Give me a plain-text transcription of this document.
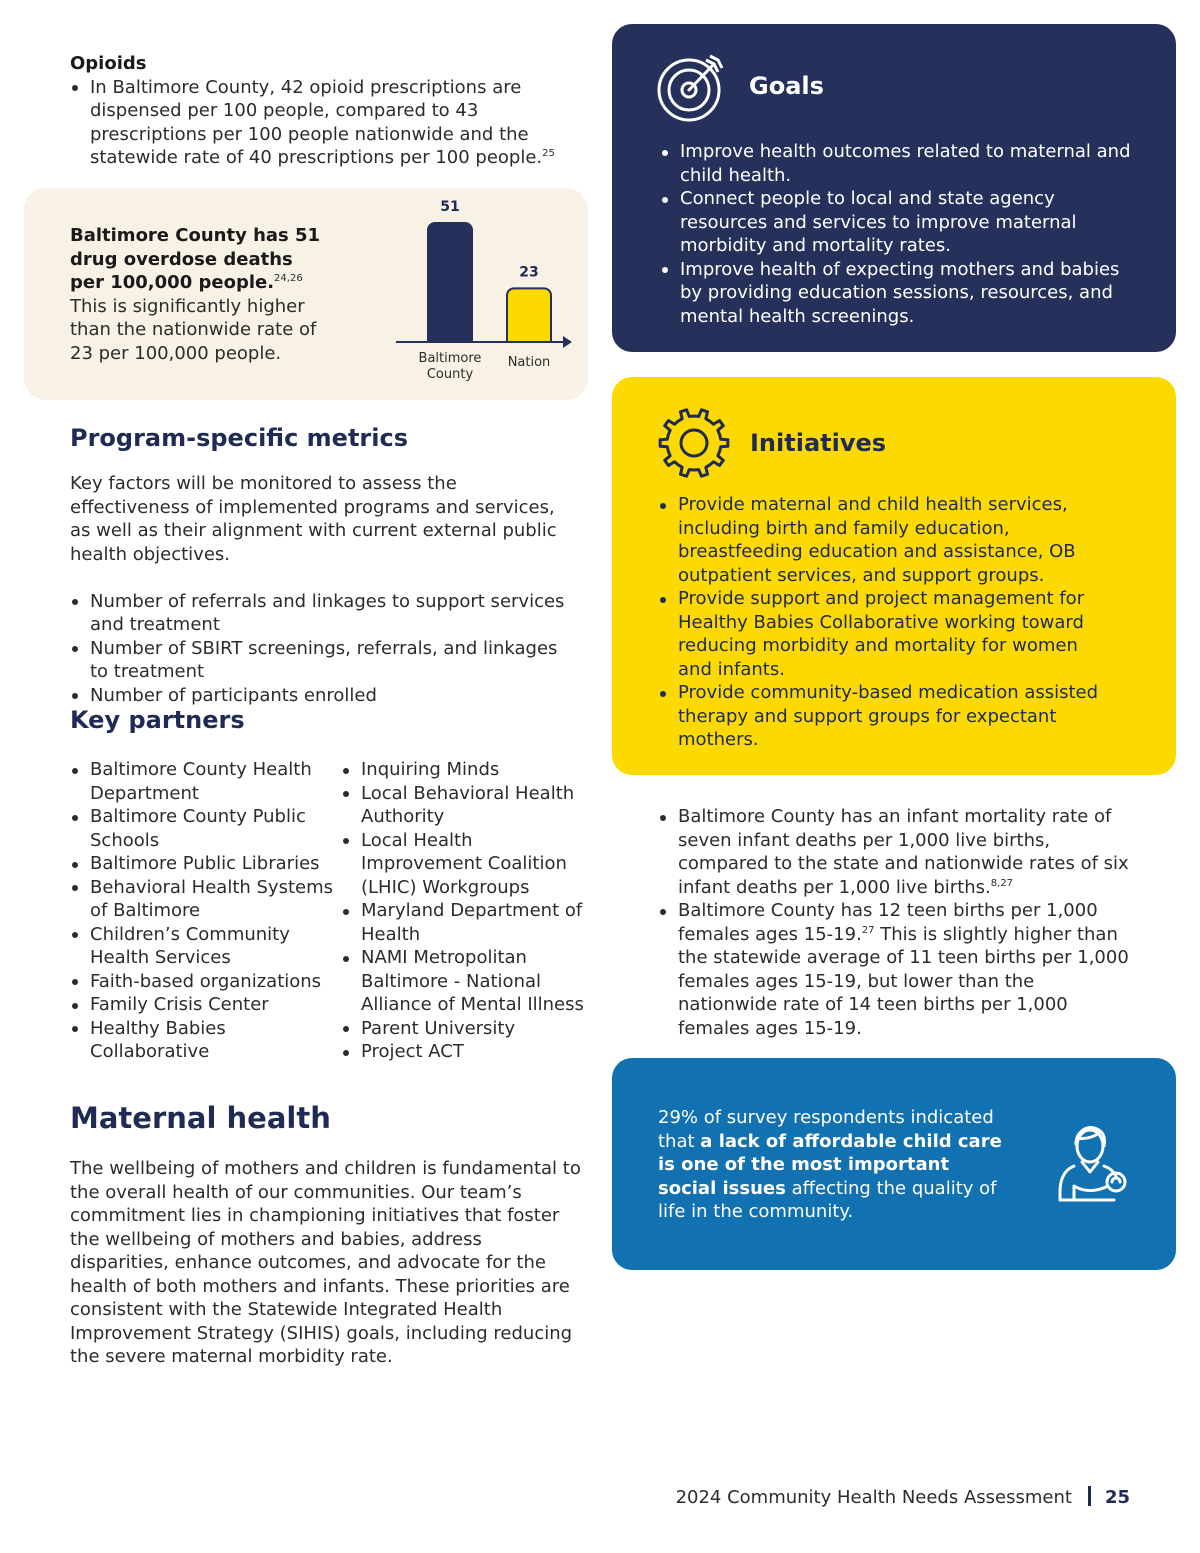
Opioids

In Baltimore County, 42 opioid prescriptions are dispensed per 100 people, compared to 43 prescriptions per 100 people nationwide and the statewide rate of 40 prescriptions per 100 people.$^{25}$
Baltimore County has 51 drug overdose deaths per 100,000 people.$^{24,26}$ This is significantly higher than the nationwide rate of 23 per 100,000 people.
51
23
Baltimore County
Nation
Goals
Improve health outcomes related to maternal and child health.
Connect people to local and state agency resources and services to improve maternal morbidity and mortality rates.
Improve health of expecting mothers and babies by providing education sessions, resources, and mental health screenings.
Initiatives
Provide maternal and child health services, including birth and family education, breastfeeding education and assistance, OB outpatient services, and support groups.
Provide support and project management for Healthy Babies Collaborative working toward reducing morbidity and mortality for women and infants.
Provide community-based medication assisted therapy and support groups for expectant mothers.
Baltimore County has an infant mortality rate of seven infant deaths per 1,000 live births, compared to the state and nationwide rates of six infant deaths per 1,000 live births.$^{8,27}$
Baltimore County has 12 teen births per 1,000 females ages 15-19.27 This is slightly higher than the statewide average of 11 teen births per 1,000 females ages 15-19, but lower than the nationwide rate of 14 teen births per 1,000 females ages 15-19.

29% of survey respondents indicated that a lack of affordable child care is one of the most important social issues affecting the quality of life in the community.

Program-specific metrics

Key factors will be monitored to assess the effectiveness of implemented programs and services, as well as their alignment with current external public health objectives.

Number of referrals and linkages to support services and treatment
Number of SBIRT screenings, referrals, and linkages to treatment
Number of participants enrolled
Key partners
Baltimore County Health Department
Baltimore County Public Schools
Baltimore Public Libraries
Behavioral Health Systems of Baltimore
Children’s Community Health Services
Faith-based organizations
Family Crisis Center
Healthy Babies Collaborative
Inquiring Minds
Local Behavioral Health Authority
Local Health Improvement Coalition (LHIC) Workgroups
Maryland Department of Health
NAMI Metropolitan Baltimore - National Alliance of Mental Illness
Parent University
Project ACT
Maternal health

The wellbeing of mothers and children is fundamental to the overall health of our communities. Our team’s commitment lies in championing initiatives that foster the wellbeing of mothers and babies, address disparities, enhance outcomes, and advocate for the health of both mothers and infants. These priorities are consistent with the Statewide Integrated Health Improvement Strategy (SIHIS) goals, including reducing the severe maternal morbidity rate.

2024 Community Health Needs Assessment 25
